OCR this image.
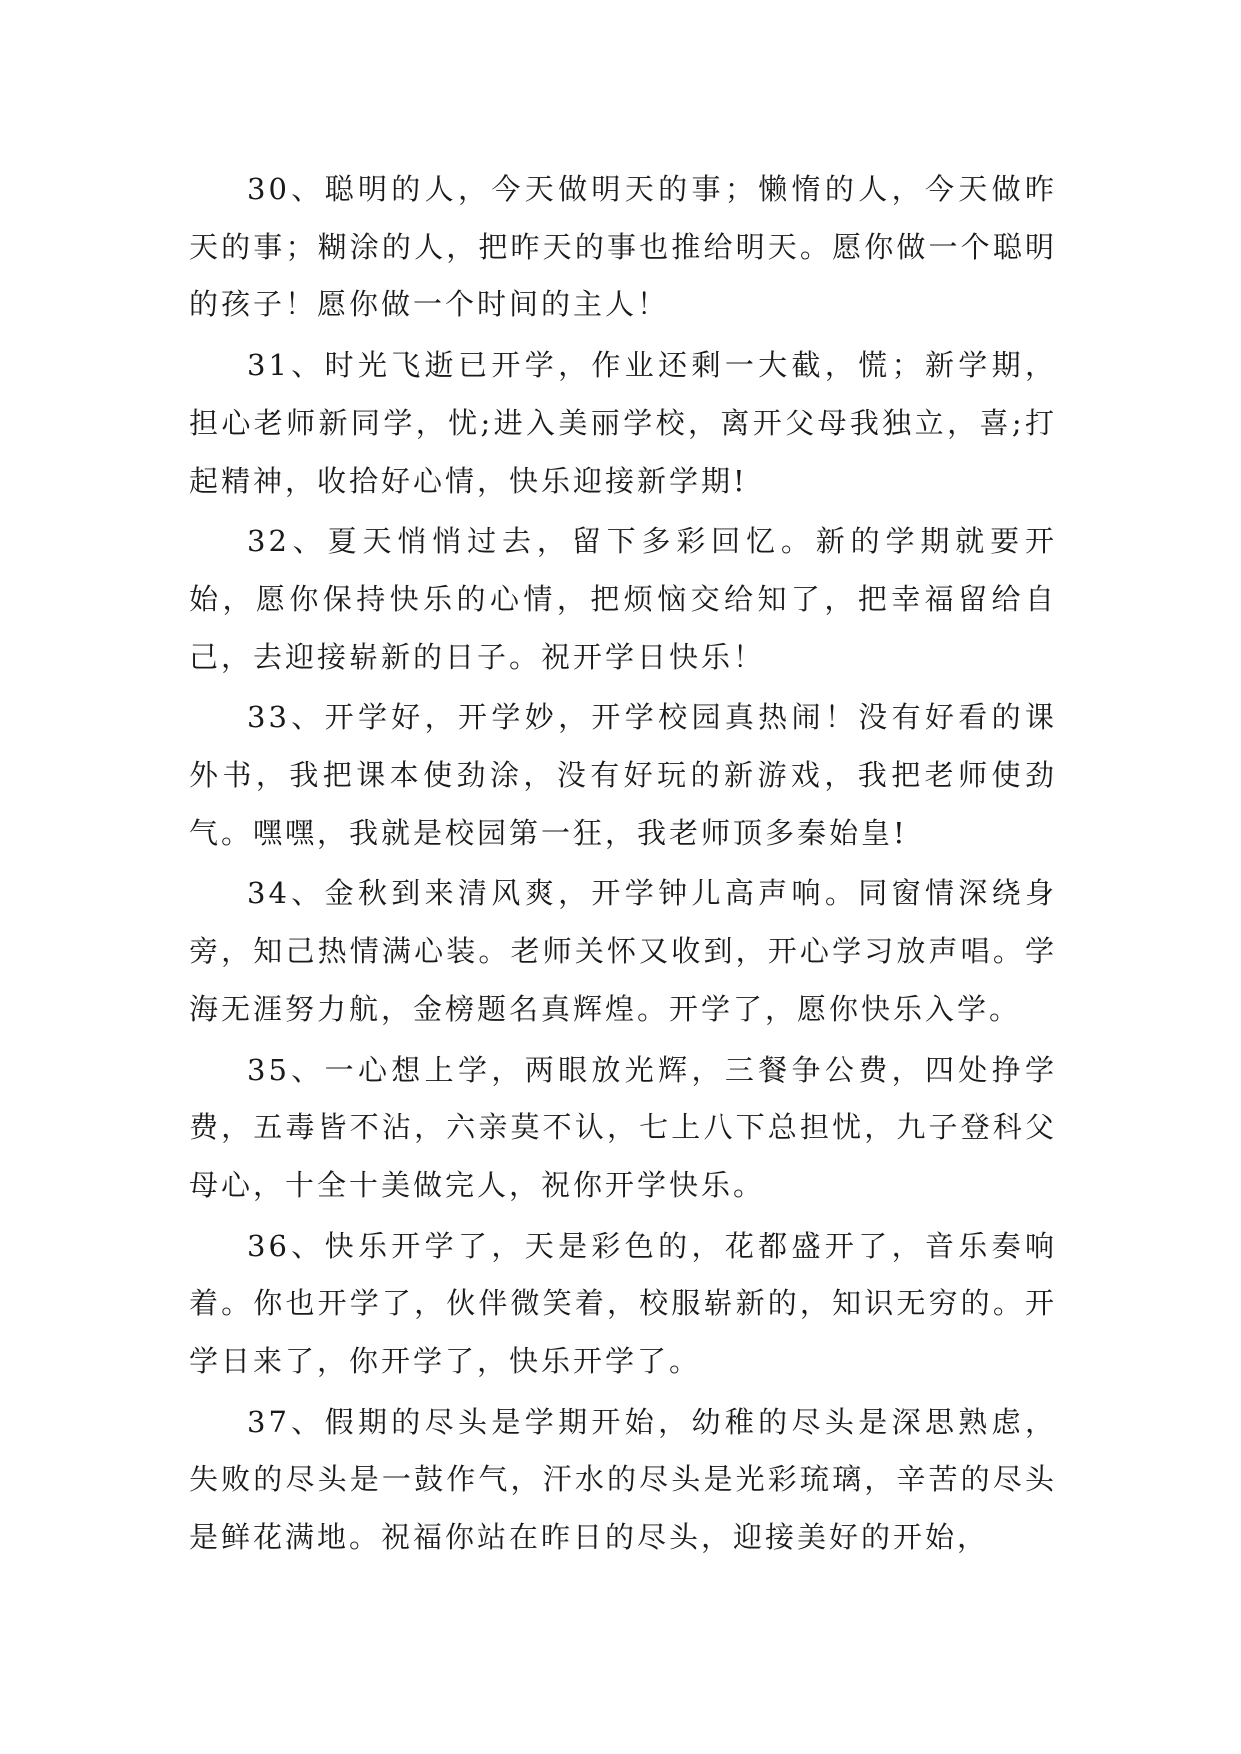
30、聪明的人，今天做明天的事；懒惰的人，今天做昨天的事；糊涂的人，把昨天的事也推给明天。愿你做一个聪明的孩子！愿你做一个时间的主人！

31、时光飞逝已开学，作业还剩一大截，慌；新学期，担心老师新同学，忧;进入美丽学校，离开父母我独立，喜;打起精神，收拾好心情，快乐迎接新学期!

32、夏天悄悄过去，留下多彩回忆。新的学期就要开始，愿你保持快乐的心情，把烦恼交给知了，把幸福留给自己，去迎接崭新的日子。祝开学日快乐！

33、开学好，开学妙，开学校园真热闹！没有好看的课外书，我把课本使劲涂，没有好玩的新游戏，我把老师使劲气。嘿嘿，我就是校园第一狂，我老师顶多秦始皇!

34、金秋到来清风爽，开学钟儿高声响。同窗情深绕身旁，知己热情满心装。老师关怀又收到，开心学习放声唱。学海无涯努力航，金榜题名真辉煌。开学了，愿你快乐入学。

35、一心想上学，两眼放光辉，三餐争公费，四处挣学费，五毒皆不沾，六亲莫不认，七上八下总担忧，九子登科父母心，十全十美做完人，祝你开学快乐。

36、快乐开学了，天是彩色的，花都盛开了，音乐奏响着。你也开学了，伙伴微笑着，校服崭新的，知识无穷的。开学日来了，你开学了，快乐开学了。

37、假期的尽头是学期开始，幼稚的尽头是深思熟虑，失败的尽头是一鼓作气，汗水的尽头是光彩琉璃，辛苦的尽头是鲜花满地。祝福你站在昨日的尽头，迎接美好的开始，
